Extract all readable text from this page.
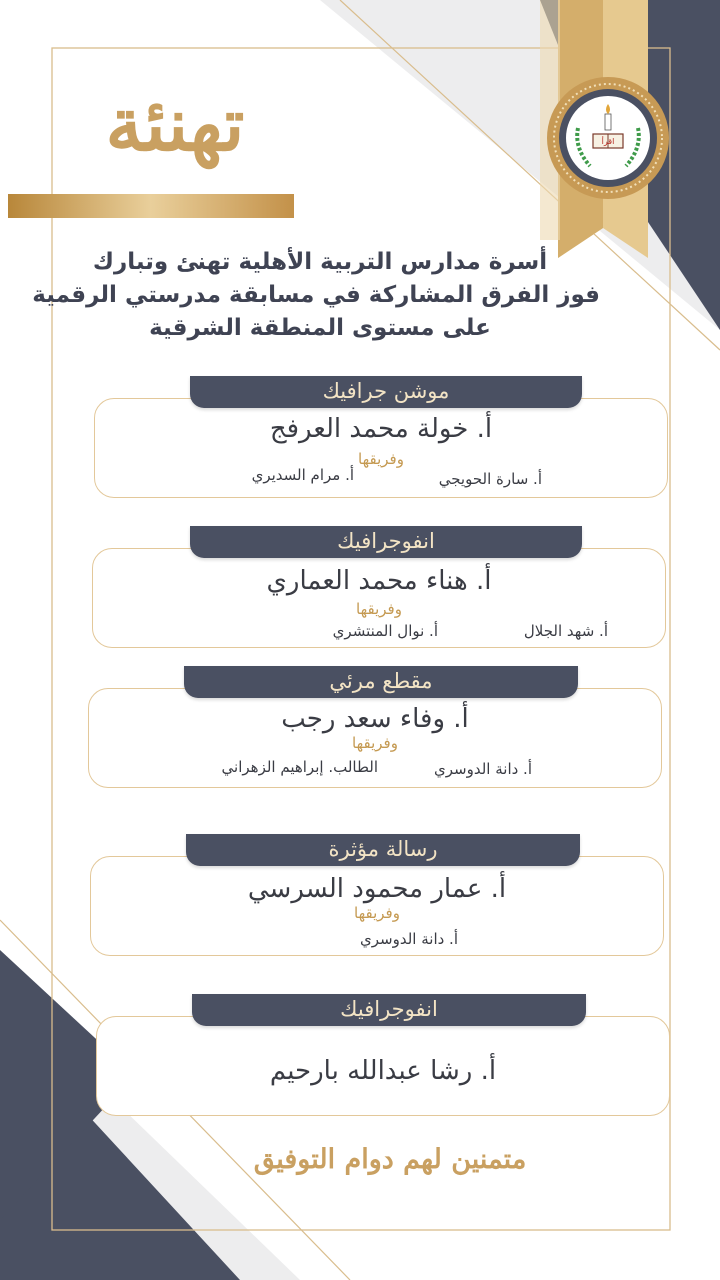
تهنئة	اقرأ
أسرة مدارس التربية الأهلية تهنئ وتبارك
فوز الفرق المشاركة في مسابقة مدرستي الرقمية
على مستوى المنطقة الشرقية
موشن جرافيك
أ. خولة محمد العرفج
وفريقها
أ. سارة الحويجي
أ. مرام السديري
انفوجرافيك
أ. هناء محمد العماري
وفريقها
أ. شهد الجلال
أ. نوال المنتشري
مقطع مرئي
أ. وفاء سعد رجب
وفريقها
أ. دانة الدوسري
الطالب. إبراهيم الزهراني
رسالة مؤثرة
أ. عمار محمود السرسي
وفريقها
أ. دانة الدوسري
انفوجرافيك
أ. رشا عبدالله بارحيم
متمنين لهم دوام التوفيق
